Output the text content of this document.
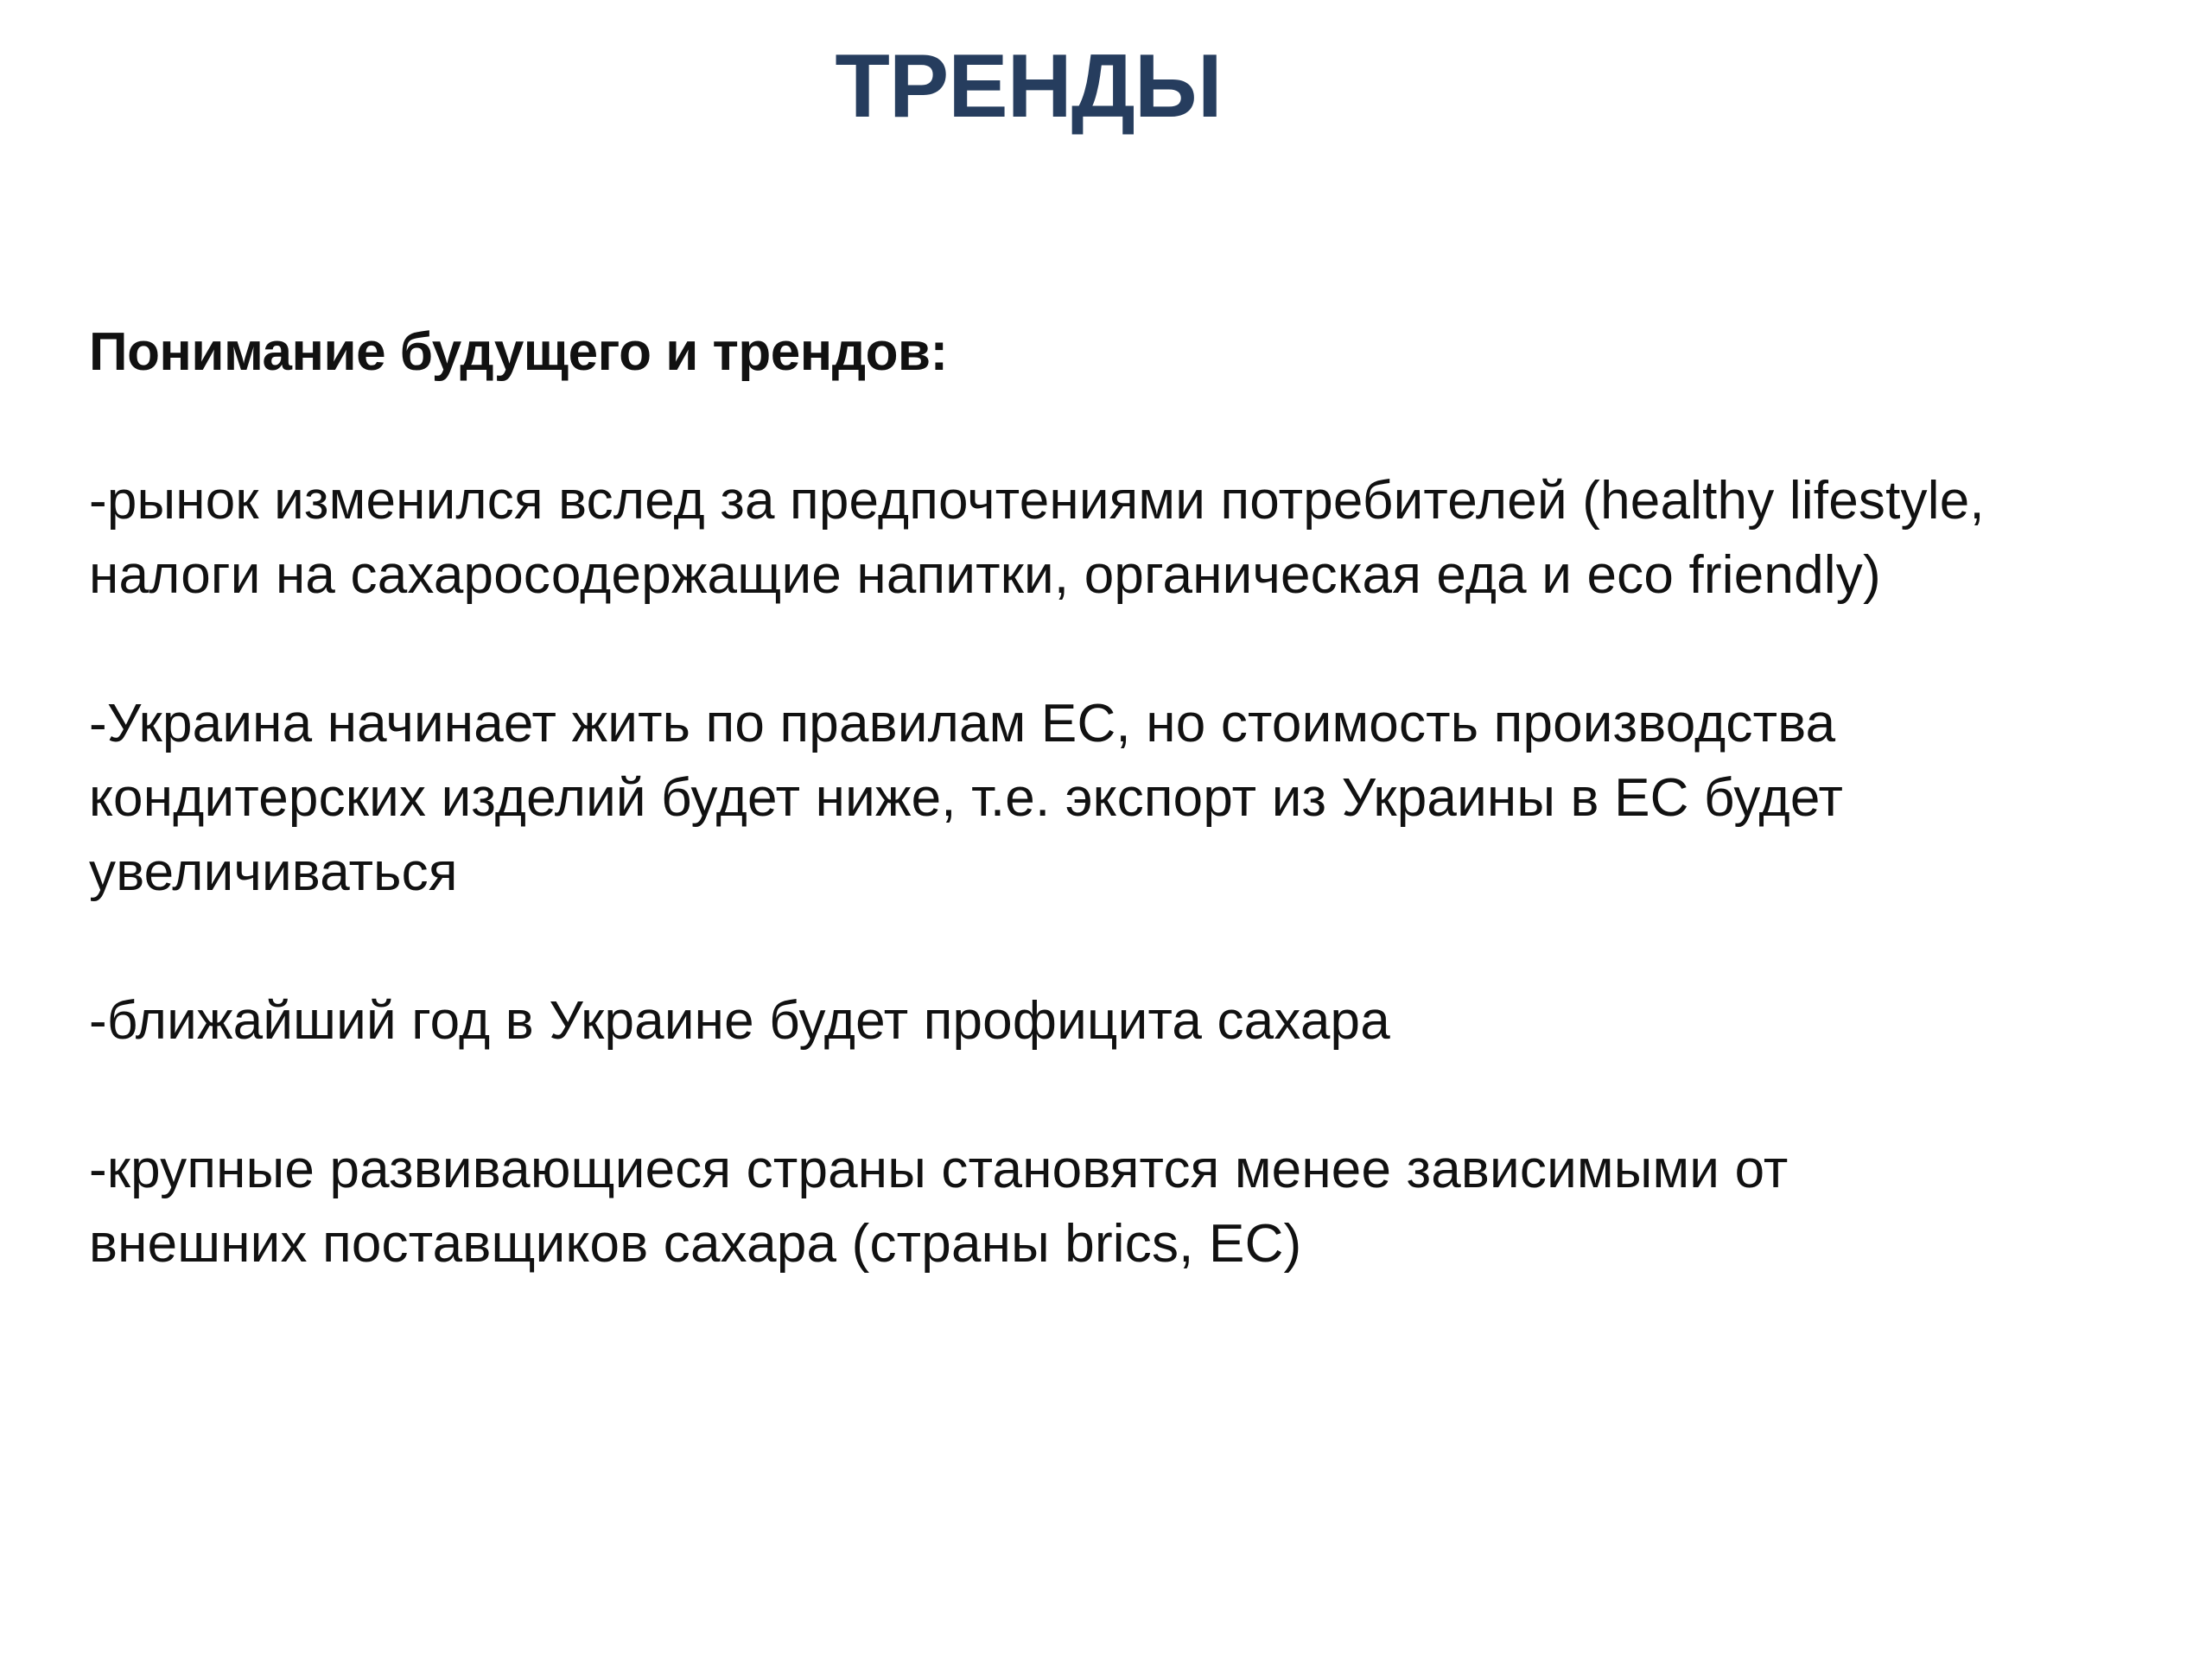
ТРЕНДЫ

Понимание будущего и трендов:

-рынок изменился вслед за предпочтениями потребителей (healthy lifestyle,
налоги на сахаросодержащие напитки, органическая еда и eco friendly)

-Украина начинает жить по правилам ЕС, но стоимость производства
кондитерских изделий будет ниже, т.е. экспорт из Украины в ЕС будет
увеличиваться

-ближайший год в Украине будет профицита сахара

-крупные развивающиеся страны становятся менее зависимыми от
внешних поставщиков сахара (страны brics, ЕС)
